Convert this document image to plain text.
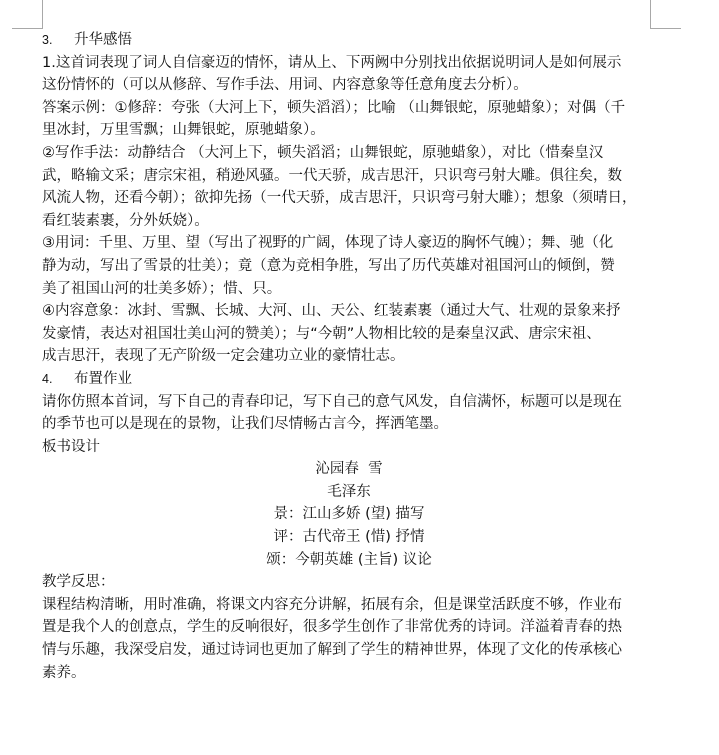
3. 升华感悟
1.这首词表现了词人自信豪迈的情怀，请从上、下两阙中分别找出依据说明词人是如何展示
这份情怀的（可以从修辞、写作手法、用词、内容意象等任意角度去分析）。
答案示例：①修辞：夸张（大河上下，顿失滔滔）；比喻 （山舞银蛇，原驰蜡象）；对偶（千
里冰封，万里雪飘；山舞银蛇，原驰蜡象）。
②写作手法：动静结合 （大河上下，顿失滔滔；山舞银蛇，原驰蜡象），对比（惜秦皇汉
武，略输文采；唐宗宋祖，稍逊风骚。一代天骄，成吉思汗，只识弯弓射大雕。俱往矣，数
风流人物，还看今朝）；欲抑先扬（一代天骄，成吉思汗，只识弯弓射大雕）；想象（须晴日，
看红装素裹，分外妖娆）。
③用词：千里、万里、望（写出了视野的广阔，体现了诗人豪迈的胸怀气魄）；舞、驰（化
静为动，写出了雪景的壮美）；竟（意为竞相争胜，写出了历代英雄对祖国河山的倾倒，赞
美了祖国山河的壮美多娇）；惜、只。
④内容意象：冰封、雪飘、长城、大河、山、天公、红装素裹（通过大气、壮观的景象来抒
发豪情，表达对祖国壮美山河的赞美）；与“今朝”人物相比较的是秦皇汉武、唐宗宋祖、
成吉思汗，表现了无产阶级一定会建功立业的豪情壮志。
4. 布置作业
请你仿照本首词，写下自己的青春印记，写下自己的意气风发，自信满怀，标题可以是现在
的季节也可以是现在的景物，让我们尽情畅古言今，挥洒笔墨。
板书设计
沁园春  雪
毛泽东
景：江山多娇 (望) 描写
评：古代帝王 (惜) 抒情
颂：今朝英雄 (主旨) 议论
教学反思：
课程结构清晰，用时准确，将课文内容充分讲解，拓展有余，但是课堂活跃度不够，作业布
置是我个人的创意点，学生的反响很好，很多学生创作了非常优秀的诗词。洋溢着青春的热
情与乐趣，我深受启发，通过诗词也更加了解到了学生的精神世界，体现了文化的传承核心
素养。
